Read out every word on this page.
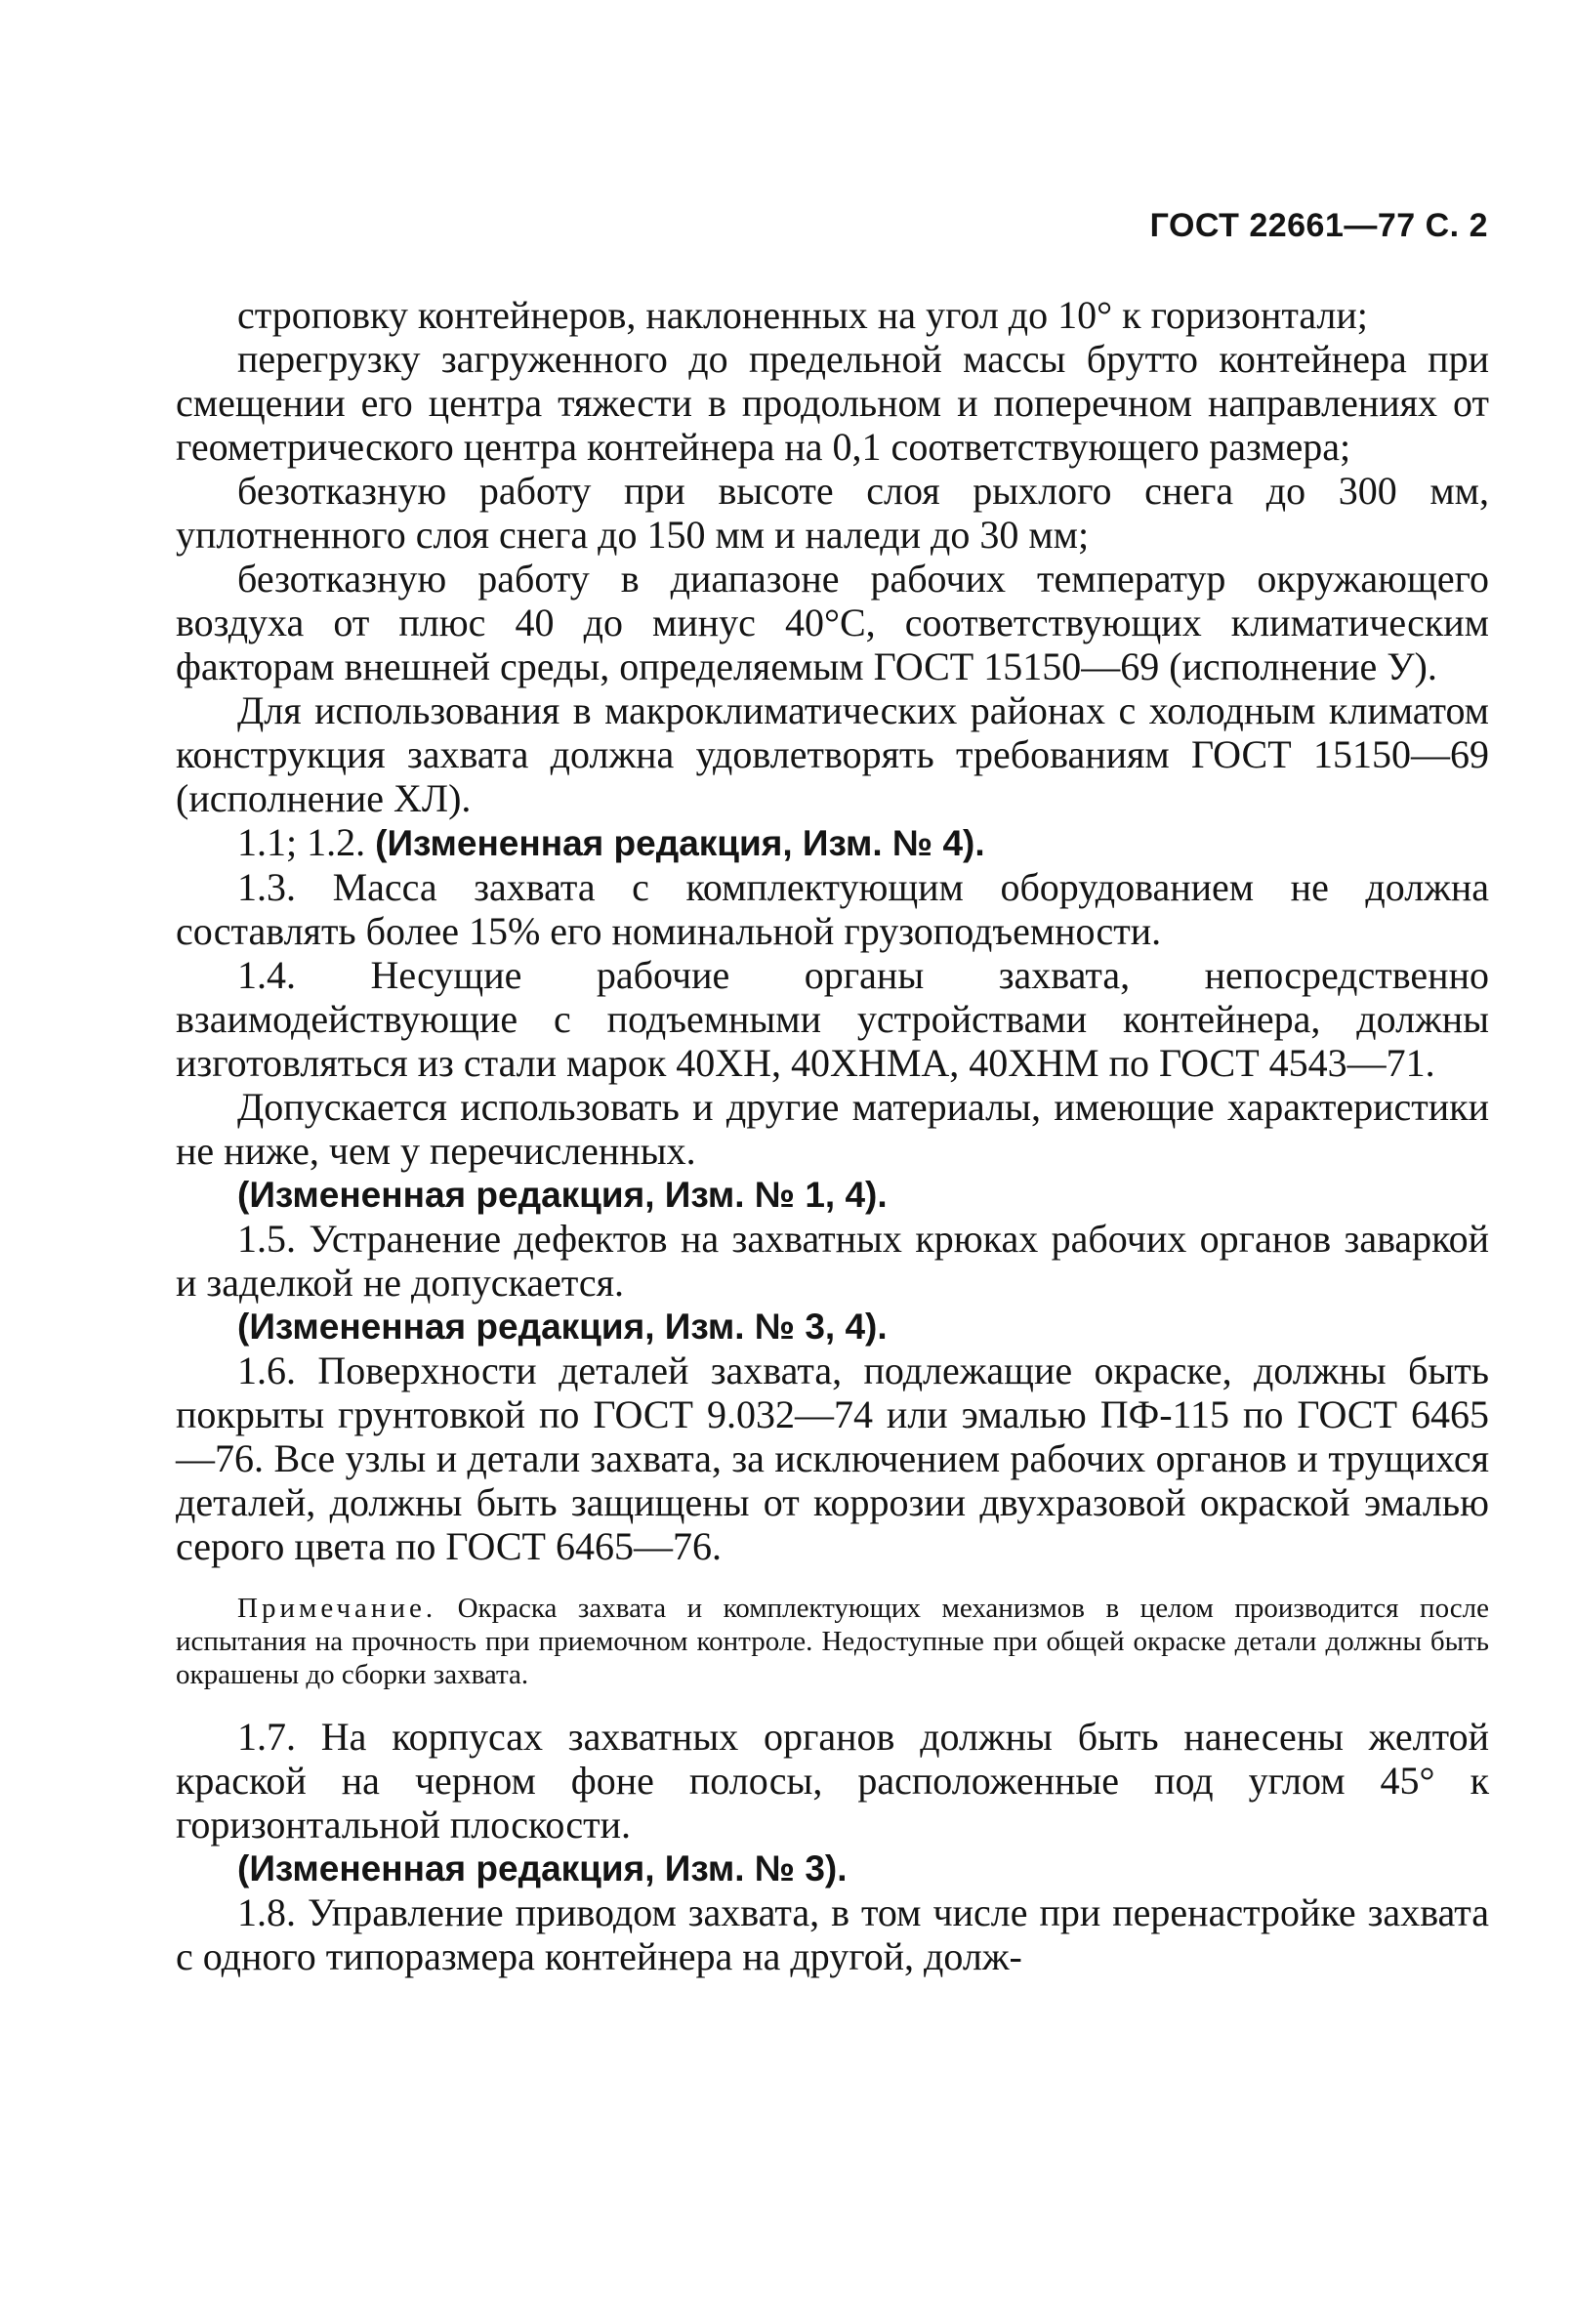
ГОСТ 22661—77 С. 2

строповку контейнеров, наклоненных на угол до 10° к горизонтали;

перегрузку загруженного до предельной массы брутто контейнера при смещении его центра тяжести в продольном и поперечном направлениях от геометрического центра контейнера на 0,1 соответствующего размера;

безотказную работу при высоте слоя рыхлого снега до 300 мм, уплотненного слоя снега до 150 мм и наледи до 30 мм;

безотказную работу в диапазоне рабочих температур окружающего воздуха от плюс 40 до минус 40°С, соответствующих климатическим факторам внешней среды, определяемым ГОСТ 15150—69 (исполнение У).

Для использования в макроклиматических районах с холодным климатом конструкция захвата должна удовлетворять требованиям ГОСТ 15150—69 (исполнение ХЛ).

1.1; 1.2. (Измененная редакция, Изм. № 4).

1.3. Масса захвата с комплектующим оборудованием не должна составлять более 15% его номинальной грузоподъемности.

1.4. Несущие рабочие органы захвата, непосредственно взаимодействующие с подъемными устройствами контейнера, должны изготовляться из стали марок 40ХН, 40ХНМА, 40ХНМ по ГОСТ 4543—71.

Допускается использовать и другие материалы, имеющие характеристики не ниже, чем у перечисленных.

(Измененная редакция, Изм. № 1, 4).

1.5. Устранение дефектов на захватных крюках рабочих органов заваркой и заделкой не допускается.

(Измененная редакция, Изм. № 3, 4).

1.6. Поверхности деталей захвата, подлежащие окраске, должны быть покрыты грунтовкой по ГОСТ 9.032—74 или эмалью ПФ-115 по ГОСТ 6465—76. Все узлы и детали захвата, за исключением рабочих органов и трущихся деталей, должны быть защищены от коррозии двухразовой окраской эмалью серого цвета по ГОСТ 6465—76.

Примечание. Окраска захвата и комплектующих механизмов в целом производится после испытания на прочность при приемочном контроле. Недоступные при общей окраске детали должны быть окрашены до сборки захвата.

1.7. На корпусах захватных органов должны быть нанесены желтой краской на черном фоне полосы, расположенные под углом 45° к горизонтальной плоскости.

(Измененная редакция, Изм. № 3).

1.8. Управление приводом захвата, в том числе при перенастройке захвата с одного типоразмера контейнера на другой, долж-
